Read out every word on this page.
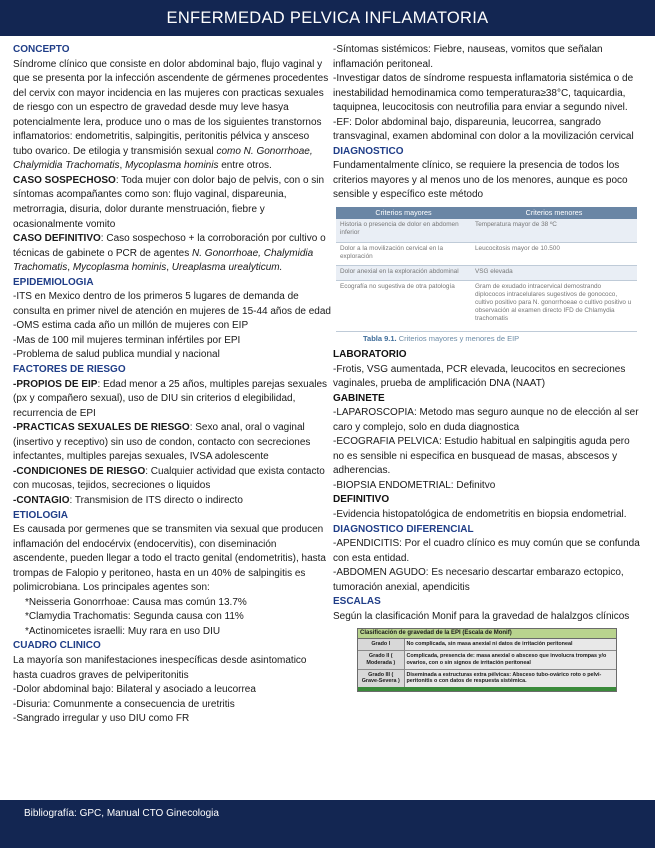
ENFERMEDAD PELVICA INFLAMATORIA

CONCEPTO

Síndrome clínico que consiste en dolor abdominal bajo, flujo vaginal y que se presenta por la infección ascendente de gérmenes procedentes del cervix con mayor incidencia en las mujeres con practicas sexuales de riesgo con un espectro de gravedad desde muy leve hasya potencialmente lera, produce uno o mas de los siguientes transtornos inflamatorios: endometritis, salpingitis, peritonitis pélvica y ansceso tubo ovarico. De etilogia y transmisión sexual como N. Gonorrhoae, Chalymidia Trachomatis, Mycoplasma hominis entre otros.

CASO SOSPECHOSO: Toda mujer con dolor bajo de pelvis, con o sin síntomas acompañantes como son: flujo vaginal, dispareunia, metrorragia, disuria, dolor durante menstruación, fiebre y ocasionalmente vomito

CASO DEFINITIVO: Caso sospechoso + la corroboración por cultivo o técnicas de gabinete o PCR de agentes N. Gonorrhoae, Chalymidia Trachomatis, Mycoplasma hominis, Ureaplasma urealyticum.

EPIDEMIOLOGIA

-ITS en Mexico dentro de los primeros 5 lugares de demanda de consulta en primer nivel de atención en mujeres de 15-44 años de edad

-OMS estima cada año un millón de mujeres con EIP

-Mas de 100 mil mujeres terminan infértiles por EPI

-Problema de salud publica mundial y nacional

FACTORES DE RIESGO

-PROPIOS DE EIP: Edad menor a 25 años, multiples parejas sexuales (px y compañero sexual), uso de DIU sin criterios d elegibilidad, recurrencia de EPI

-PRACTICAS SEXUALES DE RIESGO: Sexo anal, oral o vaginal (insertivo y receptivo) sin uso de condon, contacto con secreciones infectantes, multiples parejas sexuales, IVSA adolescente

-CONDICIONES DE RIESGO: Cualquier actividad que exista contacto con mucosas, tejidos, secreciones o liquidos

-CONTAGIO: Transmision de ITS directo o indirecto

ETIOLOGIA

Es causada por germenes que se transmiten via sexual que producen inflamación del endocérvix (endocervitis), con diseminación ascendente, pueden llegar a todo el tracto genital (endometritis), hasta trompas de Falopio y peritoneo, hasta en un 40% de salpingitis es polimicrobiana. Los principales agentes son:

*Neisseria Gonorrhoae: Causa mas común 13.7%

*Clamydia Trachomatis: Segunda causa con 11%

*Actinomicetes israelli: Muy rara en uso DIU

CUADRO CLINICO

La mayoría son manifestaciones inespecíficas desde asintomatico hasta cuadros graves de pelviperitonitis

-Dolor abdominal bajo: Bilateral y asociado a leucorrea

-Disuria: Comunmente a consecuencia de uretritis

-Sangrado irregular y uso DIU como FR

-Síntomas sistémicos: Fiebre, nauseas, vomitos que señalan inflamación peritoneal.

-Investigar datos de síndrome respuesta inflamatoria sistémica o de inestabilidad hemodinamica como temperatura≥38°C, taquicardia, taquipnea, leucocitosis con neutrofilia para enviar a segundo nivel.

-EF: Dolor abdominal bajo, dispareunia, leucorrea, sangrado transvaginal, examen abdominal con dolor a la movilización cervical

DIAGNOSTICO

Fundamentalmente clínico, se requiere la presencia de todos los criterios mayores y al menos uno de los menores, aunque es poco sensible y específico este método

Criterios mayores	Criterios menores
Historia o presencia de dolor en abdomen inferior	Temperatura mayor de 38 ºC
Dolor a la movilización cervical en la exploración	Leucocitosis mayor de 10.500
Dolor anexial en la exploración abdominal	VSG elevada
Ecografía no sugestiva de otra patología	Gram de exudado intracervical demostrando diplococos intracelulares sugestivos de gonococo, cultivo positivo para N. gonorrhoeae o cultivo positivo u observación al examen directo IFD de Chlamydia trachomatis

Tabla 9.1. Criterios mayores y menores de EIP

LABORATORIO

-Frotis, VSG aumentada, PCR elevada, leucocitos en secreciones vaginales, prueba de amplificación DNA (NAAT)

GABINETE

-LAPAROSCOPIA: Metodo mas seguro aunque no de elección al ser caro y complejo, solo en duda diagnostica

-ECOGRAFIA PELVICA: Estudio habitual en salpingitis aguda pero no es sensible ni especifica en busquead de masas, abscesos y adherencias.

-BIOPSIA ENDOMETRIAL: Definitvo

DEFINITIVO

-Evidencia histopatológica de endometritis en biopsia endometrial.

DIAGNOSTICO DIFERENCIAL

-APENDICITIS: Por el cuadro clínico es muy común que se confunda con esta entidad.

-ABDOMEN AGUDO: Es necesario descartar embarazo ectopico, tumoración anexial, apendicitis

ESCALAS

Según la clasificación Monif para la gravedad de halalzgos clínicos

Clasificación de gravedad de la EPI (Escala de Monif)	
Grado I	No complicada, sin masa anexial ni datos de irritación peritoneal
Grado II ( Moderada )	Complicada, presencia de: masa anexial o absceso que involucra trompas y/o ovarios, con o sin signos de irritación peritoneal
Grado III ( Grave-Severa )	Diseminada a estructuras extra pélvicas: Absceso tubo-ovárico roto o pelvi-peritonitis o con datos de respuesta sistémica.
Bibliografía: GPC, Manual CTO Ginecologia
